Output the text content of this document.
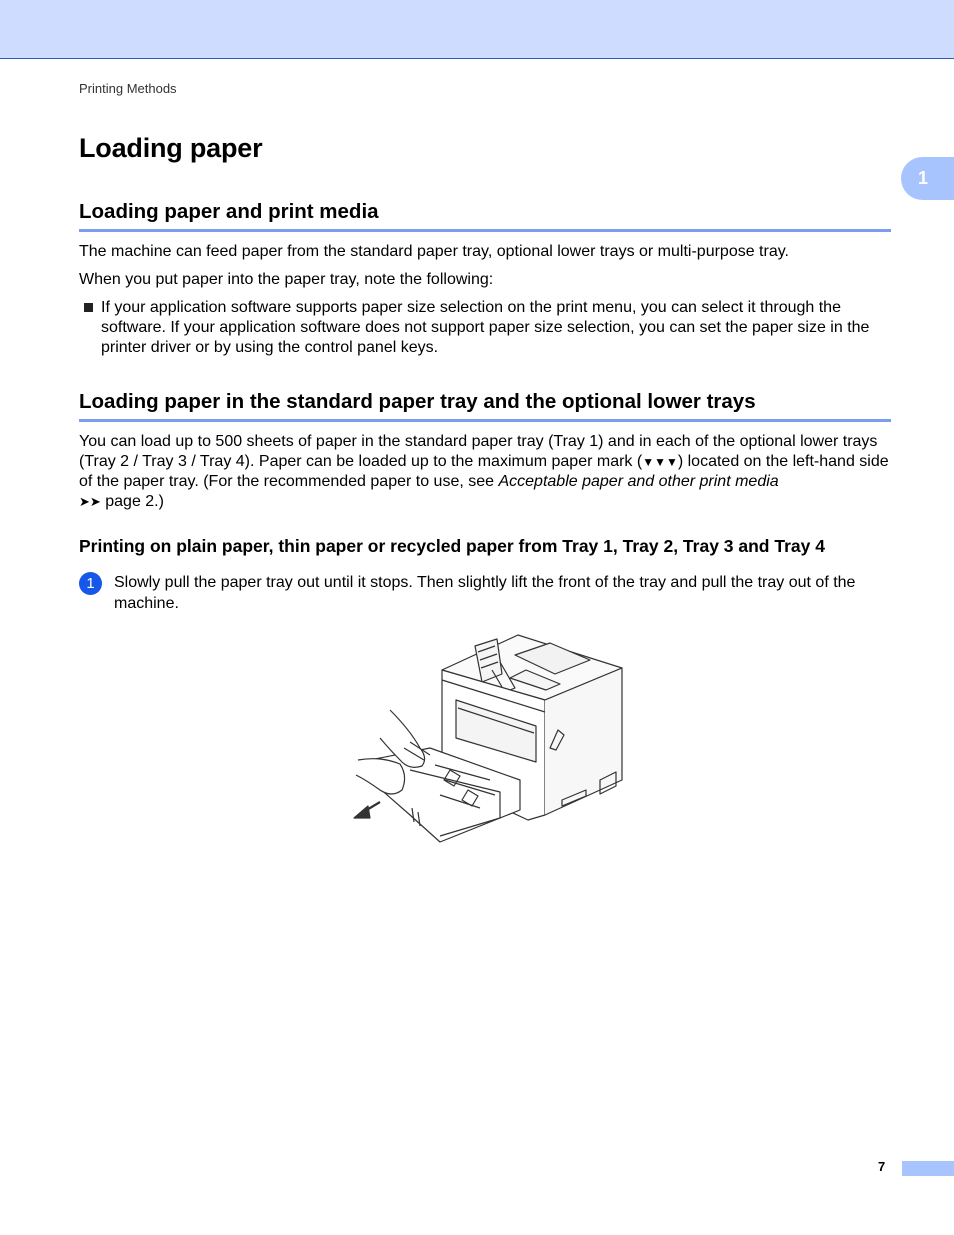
Printing Methods
1
Loading paper
Loading paper and print media

The machine can feed paper from the standard paper tray, optional lower trays or multi-purpose tray.

When you put paper into the paper tray, note the following:

If your application software supports paper size selection on the print menu, you can select it through the software. If your application software does not support paper size selection, you can set the paper size in the printer driver or by using the control panel keys.
Loading paper in the standard paper tray and the optional lower trays

You can load up to 500 sheets of paper in the standard paper tray (Tray 1) and in each of the optional lower trays (Tray 2 / Tray 3 / Tray 4). Paper can be loaded up to the maximum paper mark (▼▼▼) located on the left-hand side of the paper tray. (For the recommended paper to use, see Acceptable paper and other print media
➤➤ page 2.)

Printing on plain paper, thin paper or recycled paper from Tray 1, Tray 2, Tray 3 and Tray 4
1	Slowly pull the paper tray out until it stops. Then slightly lift the front of the tray and pull the tray out of the machine.
7
